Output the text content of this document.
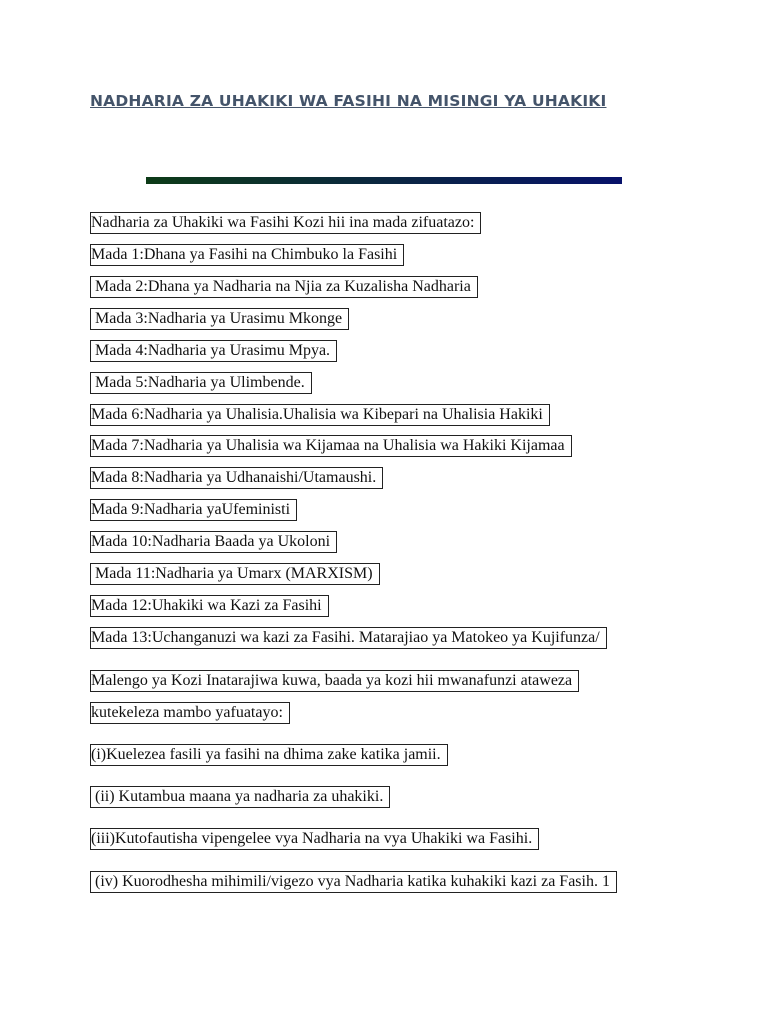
NADHARIA ZA UHAKIKI WA FASIHI NA MISINGI YA UHAKIKI
Nadharia za Uhakiki wa Fasihi Kozi hii ina mada zifuatazo:
Mada 1:Dhana ya Fasihi na Chimbuko la Fasihi
Mada 2:Dhana ya Nadharia na Njia za Kuzalisha Nadharia
Mada 3:Nadharia ya Urasimu Mkonge
Mada 4:Nadharia ya Urasimu Mpya.
Mada 5:Nadharia ya Ulimbende.
Mada 6:Nadharia ya Uhalisia.Uhalisia wa Kibepari na Uhalisia Hakiki
Mada 7:Nadharia ya Uhalisia wa Kijamaa na Uhalisia wa Hakiki Kijamaa
Mada 8:Nadharia ya Udhanaishi/Utamaushi.
Mada 9:Nadharia yaUfeministi
Mada 10:Nadharia Baada ya Ukoloni
Mada 11:Nadharia ya Umarx (MARXISM)
Mada 12:Uhakiki wa Kazi za Fasihi
Mada 13:Uchanganuzi wa kazi za Fasihi. Matarajiao ya Matokeo ya Kujifunza/
Malengo ya Kozi Inatarajiwa kuwa, baada ya kozi hii mwanafunzi ataweza
kutekeleza mambo yafuatayo:
(i)Kuelezea fasili ya fasihi na dhima zake katika jamii.
(ii) Kutambua maana ya nadharia za uhakiki.
(iii)Kutofautisha vipengelee vya Nadharia na vya Uhakiki wa Fasihi.
(iv) Kuorodhesha mihimili/vigezo vya Nadharia katika kuhakiki kazi za Fasih. 1
